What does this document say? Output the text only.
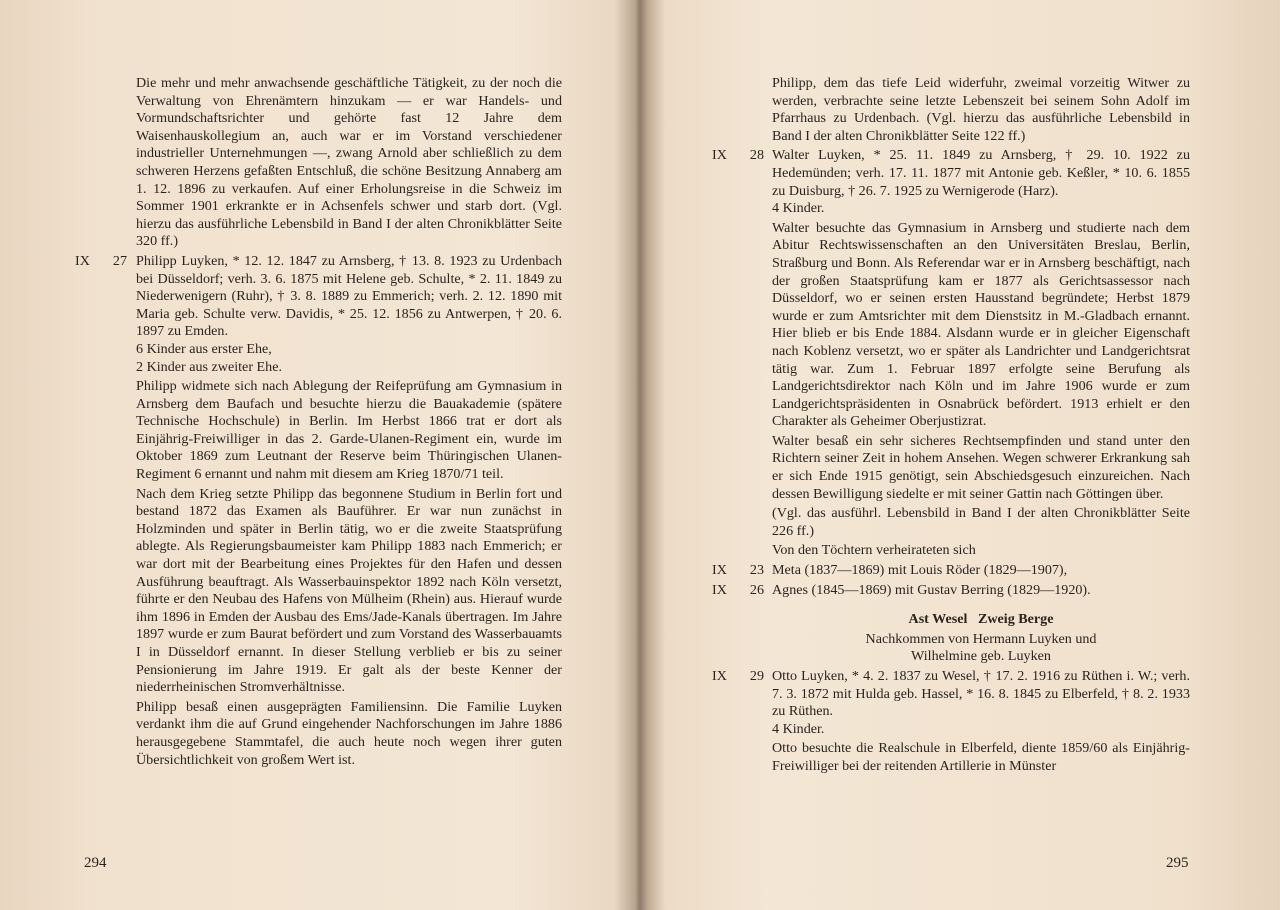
Die mehr und mehr anwachsende geschäftliche Tätigkeit, zu der noch die Verwaltung von Ehrenämtern hinzukam — er war Handels- und Vormundschaftsrichter und gehörte fast 12 Jahre dem Waisenhauskollegium an, auch war er im Vorstand verschiedener industrieller Unternehmungen —, zwang Arnold aber schließlich zu dem schweren Herzens gefaßten Entschluß, die schöne Besitzung Annaberg am 1. 12. 1896 zu verkaufen. Auf einer Erholungsreise in die Schweiz im Sommer 1901 erkrankte er in Achsenfels schwer und starb dort. (Vgl. hierzu das ausführliche Lebensbild in Band I der alten Chronikblätter Seite 320 ff.)

IX 27 Philipp Luyken, * 12. 12. 1847 zu Arnsberg, † 13. 8. 1923 zu Urdenbach bei Düsseldorf; verh. 3. 6. 1875 mit Helene geb. Schulte, * 2. 11. 1849 zu Niederwenigern (Ruhr), † 3. 8. 1889 zu Emmerich; verh. 2. 12. 1890 mit Maria geb. Schulte verw. Davidis, * 25. 12. 1856 zu Antwerpen, † 20. 6. 1897 zu Emden.

6 Kinder aus erster Ehe,
2 Kinder aus zweiter Ehe.

Philipp widmete sich nach Ablegung der Reifeprüfung am Gymnasium in Arnsberg dem Baufach und besuchte hierzu die Bauakademie (spätere Technische Hochschule) in Berlin. Im Herbst 1866 trat er dort als Einjährig-Freiwilliger in das 2. Garde-Ulanen-Regiment ein, wurde im Oktober 1869 zum Leutnant der Reserve beim Thüringischen Ulanen-Regiment 6 ernannt und nahm mit diesem am Krieg 1870/71 teil.

Nach dem Krieg setzte Philipp das begonnene Studium in Berlin fort und bestand 1872 das Examen als Bauführer. Er war nun zunächst in Holzminden und später in Berlin tätig, wo er die zweite Staatsprüfung ablegte. Als Regierungsbaumeister kam Philipp 1883 nach Emmerich; er war dort mit der Bearbeitung eines Projektes für den Hafen und dessen Ausführung beauftragt. Als Wasserbauinspektor 1892 nach Köln versetzt, führte er den Neubau des Hafens von Mülheim (Rhein) aus. Hierauf wurde ihm 1896 in Emden der Ausbau des Ems/Jade-Kanals übertragen. Im Jahre 1897 wurde er zum Baurat befördert und zum Vorstand des Wasserbauamts I in Düsseldorf ernannt. In dieser Stellung verblieb er bis zu seiner Pensionierung im Jahre 1919. Er galt als der beste Kenner der niederrheinischen Stromverhältnisse.

Philipp besaß einen ausgeprägten Familiensinn. Die Familie Luyken verdankt ihm die auf Grund eingehender Nachforschungen im Jahre 1886 herausgegebene Stammtafel, die auch heute noch wegen ihrer guten Übersichtlichkeit von großem Wert ist.

294

Philipp, dem das tiefe Leid widerfuhr, zweimal vorzeitig Witwer zu werden, verbrachte seine letzte Lebenszeit bei seinem Sohn Adolf im Pfarrhaus zu Urdenbach. (Vgl. hierzu das ausführliche Lebensbild in Band I der alten Chronikblätter Seite 122 ff.)

IX 28 Walter Luyken, * 25. 11. 1849 zu Arnsberg, † 29. 10. 1922 zu Hedemünden; verh. 17. 11. 1877 mit Antonie geb. Keßler, * 10. 6. 1855 zu Duisburg, † 26. 7. 1925 zu Wernigerode (Harz).

4 Kinder.

Walter besuchte das Gymnasium in Arnsberg und studierte nach dem Abitur Rechtswissenschaften an den Universitäten Breslau, Berlin, Straßburg und Bonn. Als Referendar war er in Arnsberg beschäftigt, nach der großen Staatsprüfung kam er 1877 als Gerichtsassessor nach Düsseldorf, wo er seinen ersten Hausstand begründete; Herbst 1879 wurde er zum Amtsrichter mit dem Dienstsitz in M.-Gladbach ernannt. Hier blieb er bis Ende 1884. Alsdann wurde er in gleicher Eigenschaft nach Koblenz versetzt, wo er später als Landrichter und Landgerichtsrat tätig war. Zum 1. Februar 1897 erfolgte seine Berufung als Landgerichtsdirektor nach Köln und im Jahre 1906 wurde er zum Landgerichtspräsidenten in Osnabrück befördert. 1913 erhielt er den Charakter als Geheimer Oberjustizrat.

Walter besaß ein sehr sicheres Rechtsempfinden und stand unter den Richtern seiner Zeit in hohem Ansehen. Wegen schwerer Erkrankung sah er sich Ende 1915 genötigt, sein Abschiedsgesuch einzureichen. Nach dessen Bewilligung siedelte er mit seiner Gattin nach Göttingen über.

(Vgl. das ausführl. Lebensbild in Band I der alten Chronikblätter Seite 226 ff.)

Von den Töchtern verheirateten sich

IX 23 Meta (1837—1869) mit Louis Röder (1829—1907),

IX 26 Agnes (1845—1869) mit Gustav Berring (1829—1920).

Ast Wesel   Zweig Berge
Nachkommen von Hermann Luyken und
Wilhelmine geb. Luyken
IX 29 Otto Luyken, * 4. 2. 1837 zu Wesel, † 17. 2. 1916 zu Rüthen i. W.; verh. 7. 3. 1872 mit Hulda geb. Hassel, * 16. 8. 1845 zu Elberfeld, † 8. 2. 1933 zu Rüthen.

4 Kinder.

Otto besuchte die Realschule in Elberfeld, diente 1859/60 als Einjährig-Freiwilliger bei der reitenden Artillerie in Münster

295
